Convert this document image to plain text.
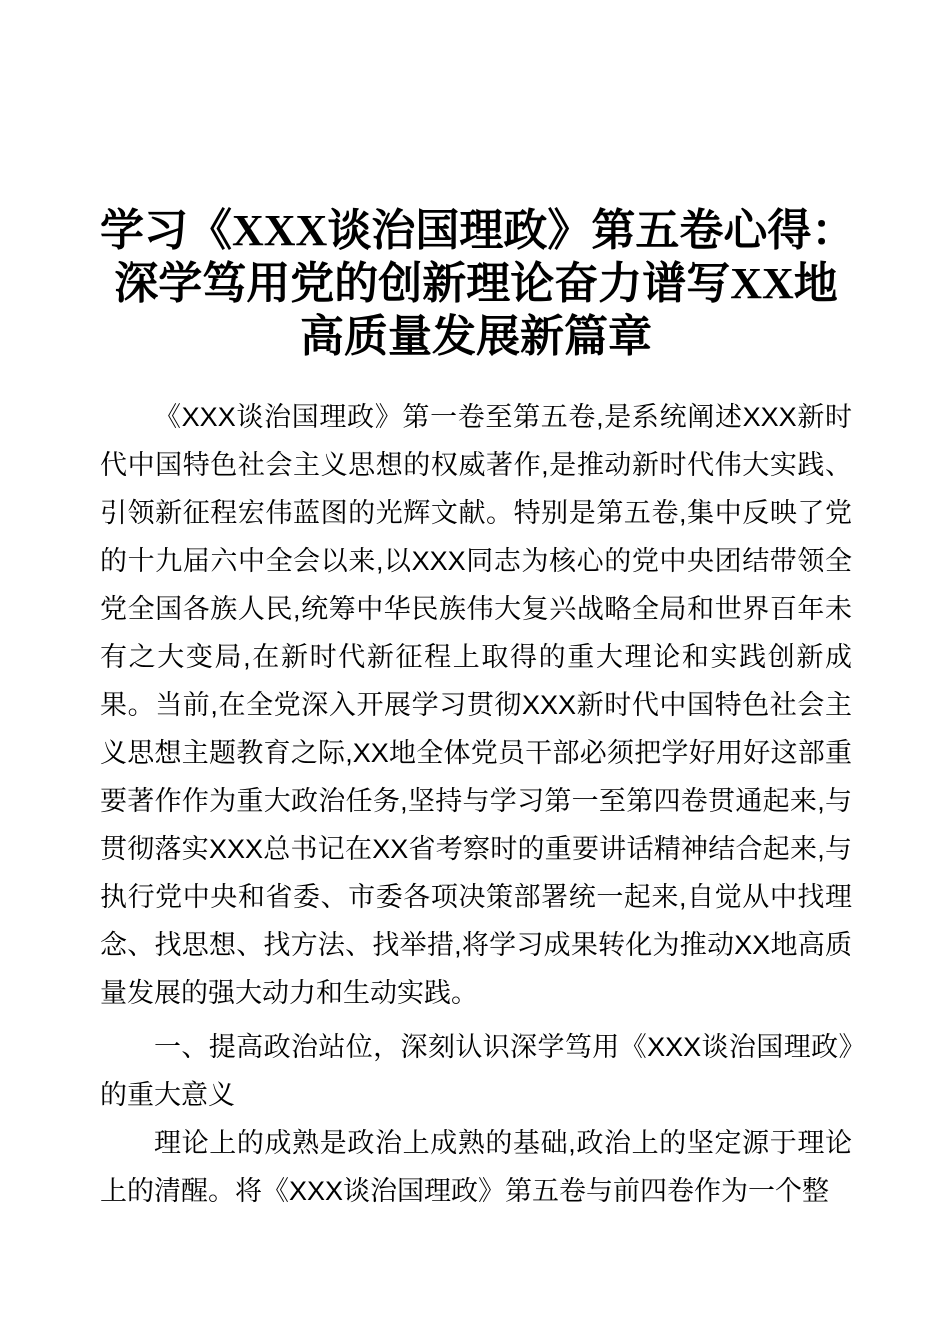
学习《XXX谈治国理政》第五卷心得：
深学笃用党的创新理论奋力谱写XX地
高质量发展新篇章

《XXX谈治国理政》第一卷至第五卷,是系统阐述XXX新时代中国特色社会主义思想的权威著作,是推动新时代伟大实践、引领新征程宏伟蓝图的光辉文献。特别是第五卷,集中反映了党的十九届六中全会以来,以XXX同志为核心的党中央团结带领全党全国各族人民,统筹中华民族伟大复兴战略全局和世界百年未有之大变局,在新时代新征程上取得的重大理论和实践创新成果。当前,在全党深入开展学习贯彻XXX新时代中国特色社会主义思想主题教育之际,XX地全体党员干部必须把学好用好这部重要著作作为重大政治任务,坚持与学习第一至第四卷贯通起来,与贯彻落实XXX总书记在XX省考察时的重要讲话精神结合起来,与执行党中央和省委、市委各项决策部署统一起来,自觉从中找理念、找思想、找方法、找举措,将学习成果转化为推动XX地高质量发展的强大动力和生动实践。

一、提高政治站位，深刻认识深学笃用《XXX谈治国理政》的重大意义

理论上的成熟是政治上成熟的基础,政治上的坚定源于理论上的清醒。将《XXX谈治国理政》第五卷与前四卷作为一个整
